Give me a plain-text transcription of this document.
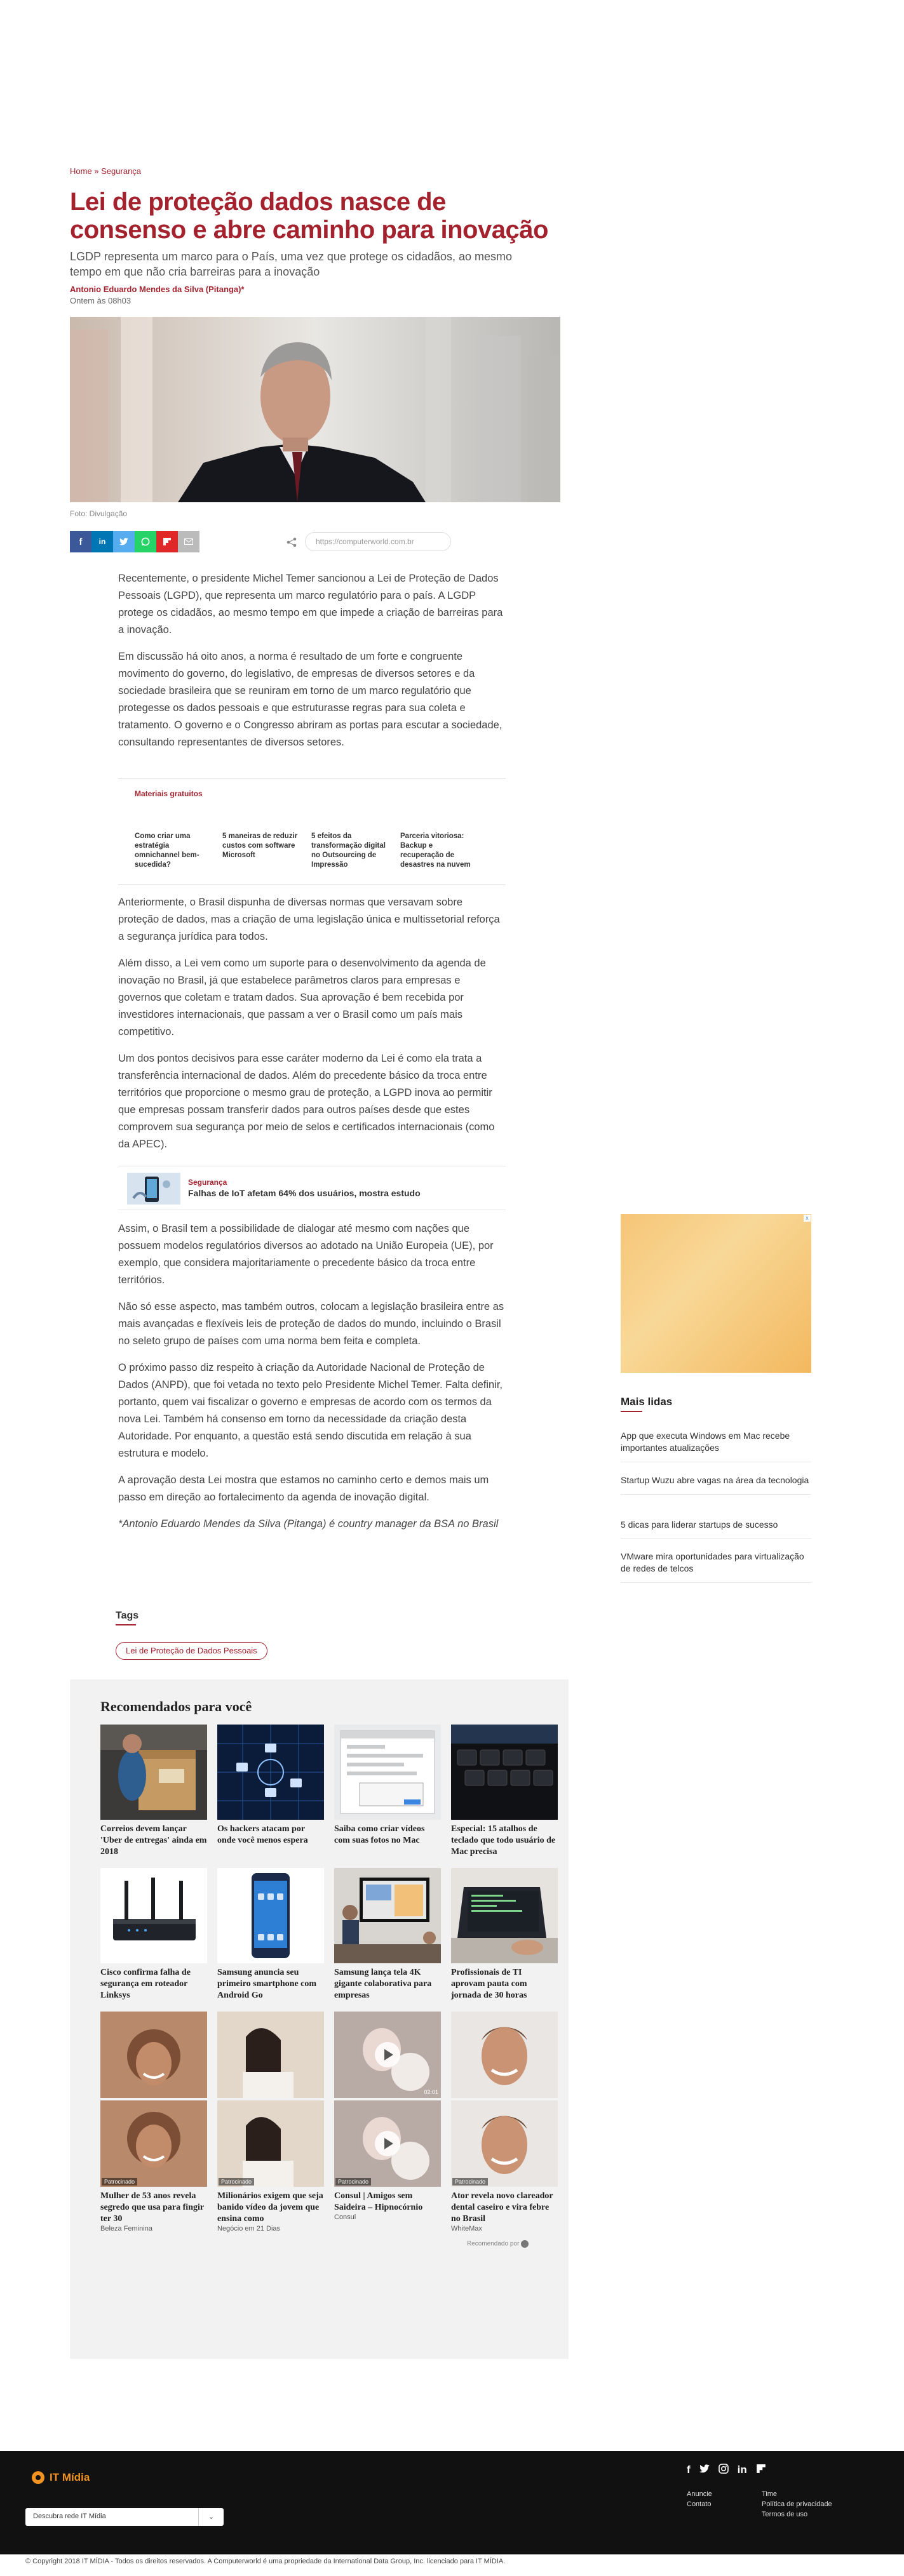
Home » Segurança
Lei de proteção dados nasce de consenso e abre caminho para inovação
LGDP representa um marco para o País, uma vez que protege os cidadãos, ao mesmo tempo em que não cria barreiras para a inovação
Antonio Eduardo Mendes da Silva (Pitanga)*
Ontem às 08h03
Foto: Divulgação
f in	https://computerworld.com.br

Recentemente, o presidente Michel Temer sancionou a Lei de Proteção de Dados Pessoais (LGPD), que representa um marco regulatório para o país. A LGDP protege os cidadãos, ao mesmo tempo em que impede a criação de barreiras para a inovação.

Em discussão há oito anos, a norma é resultado de um forte e congruente movimento do governo, do legislativo, de empresas de diversos setores e da sociedade brasileira que se reuniram em torno de um marco regulatório que protegesse os dados pessoais e que estruturasse regras para sua coleta e tratamento. O governo e o Congresso abriram as portas para escutar a sociedade, consultando representantes de diversos setores.

Materiais gratuitos
Como criar uma estratégia omnichannel bem-sucedida?
5 maneiras de reduzir custos com software Microsoft
5 efeitos da transformação digital no Outsourcing de Impressão
Parceria vitoriosa: Backup e recuperação de desastres na nuvem

Anteriormente, o Brasil dispunha de diversas normas que versavam sobre proteção de dados, mas a criação de uma legislação única e multissetorial reforça a segurança jurídica para todos.

Além disso, a Lei vem como um suporte para o desenvolvimento da agenda de inovação no Brasil, já que estabelece parâmetros claros para empresas e governos que coletam e tratam dados. Sua aprovação é bem recebida por investidores internacionais, que passam a ver o Brasil como um país mais competitivo.

Um dos pontos decisivos para esse caráter moderno da Lei é como ela trata a transferência internacional de dados. Além do precedente básico da troca entre territórios que proporcione o mesmo grau de proteção, a LGPD inova ao permitir que empresas possam transferir dados para outros países desde que estes comprovem sua segurança por meio de selos e certificados internacionais (como da APEC).

Segurança
Falhas de IoT afetam 64% dos usuários, mostra estudo

Assim, o Brasil tem a possibilidade de dialogar até mesmo com nações que possuem modelos regulatórios diversos ao adotado na União Europeia (UE), por exemplo, que considera majoritariamente o precedente básico da troca entre territórios.

Não só esse aspecto, mas também outros, colocam a legislação brasileira entre as mais avançadas e flexíveis leis de proteção de dados do mundo, incluindo o Brasil no seleto grupo de países com uma norma bem feita e completa.

O próximo passo diz respeito à criação da Autoridade Nacional de Proteção de Dados (ANPD), que foi vetada no texto pelo Presidente Michel Temer. Falta definir, portanto, quem vai fiscalizar o governo e empresas de acordo com os termos da nova Lei. Também há consenso em torno da necessidade da criação desta Autoridade. Por enquanto, a questão está sendo discutida em relação à sua estrutura e modelo.

A aprovação desta Lei mostra que estamos no caminho certo e demos mais um passo em direção ao fortalecimento da agenda de inovação digital.

*Antonio Eduardo Mendes da Silva (Pitanga) é country manager da BSA no Brasil

Tags
Lei de Proteção de Dados Pessoais
Recomendados para você
Correios devem lançar 'Uber de entregas' ainda em 2018
Os hackers atacam por onde você menos espera
Saiba como criar vídeos com suas fotos no Mac
Especial: 15 atalhos de teclado que todo usuário de Mac precisa
Cisco confirma falha de segurança em roteador Linksys
Samsung anuncia seu primeiro smartphone com Android Go
Samsung lança tela 4K gigante colaborativa para empresas
Profissionais de TI aprovam pauta com jornada de 30 horas
Patrocinado
Mulher de 53 anos revela segredo que usa para fingir ter 30
Beleza Feminina
Patrocinado
Milionários exigem que seja banido vídeo da jovem que ensina como
Negócio em 21 Dias
02:01
Patrocinado
Consul | Amigos sem Saideira – Hipnocórnio
Consul
Patrocinado
Ator revela novo clareador dental caseiro e vira febre no Brasil
WhiteMax
Recomendado por
x
Mais lidas
App que executa Windows em Mac recebe importantes atualizações
Startup Wuzu abre vagas na área da tecnologia
5 dicas para liderar startups de sucesso
VMware mira oportunidades para virtualização de redes de telcos
IT Mídia
Descubra rede IT Mídia	⌄
f	in
Anuncie
Contato
Time
Política de privacidade
Termos de uso
© Copyright 2018 IT MÍDIA - Todos os direitos reservados. A Computerworld é uma propriedade da International Data Group, Inc. licenciado para IT MÍDIA.
